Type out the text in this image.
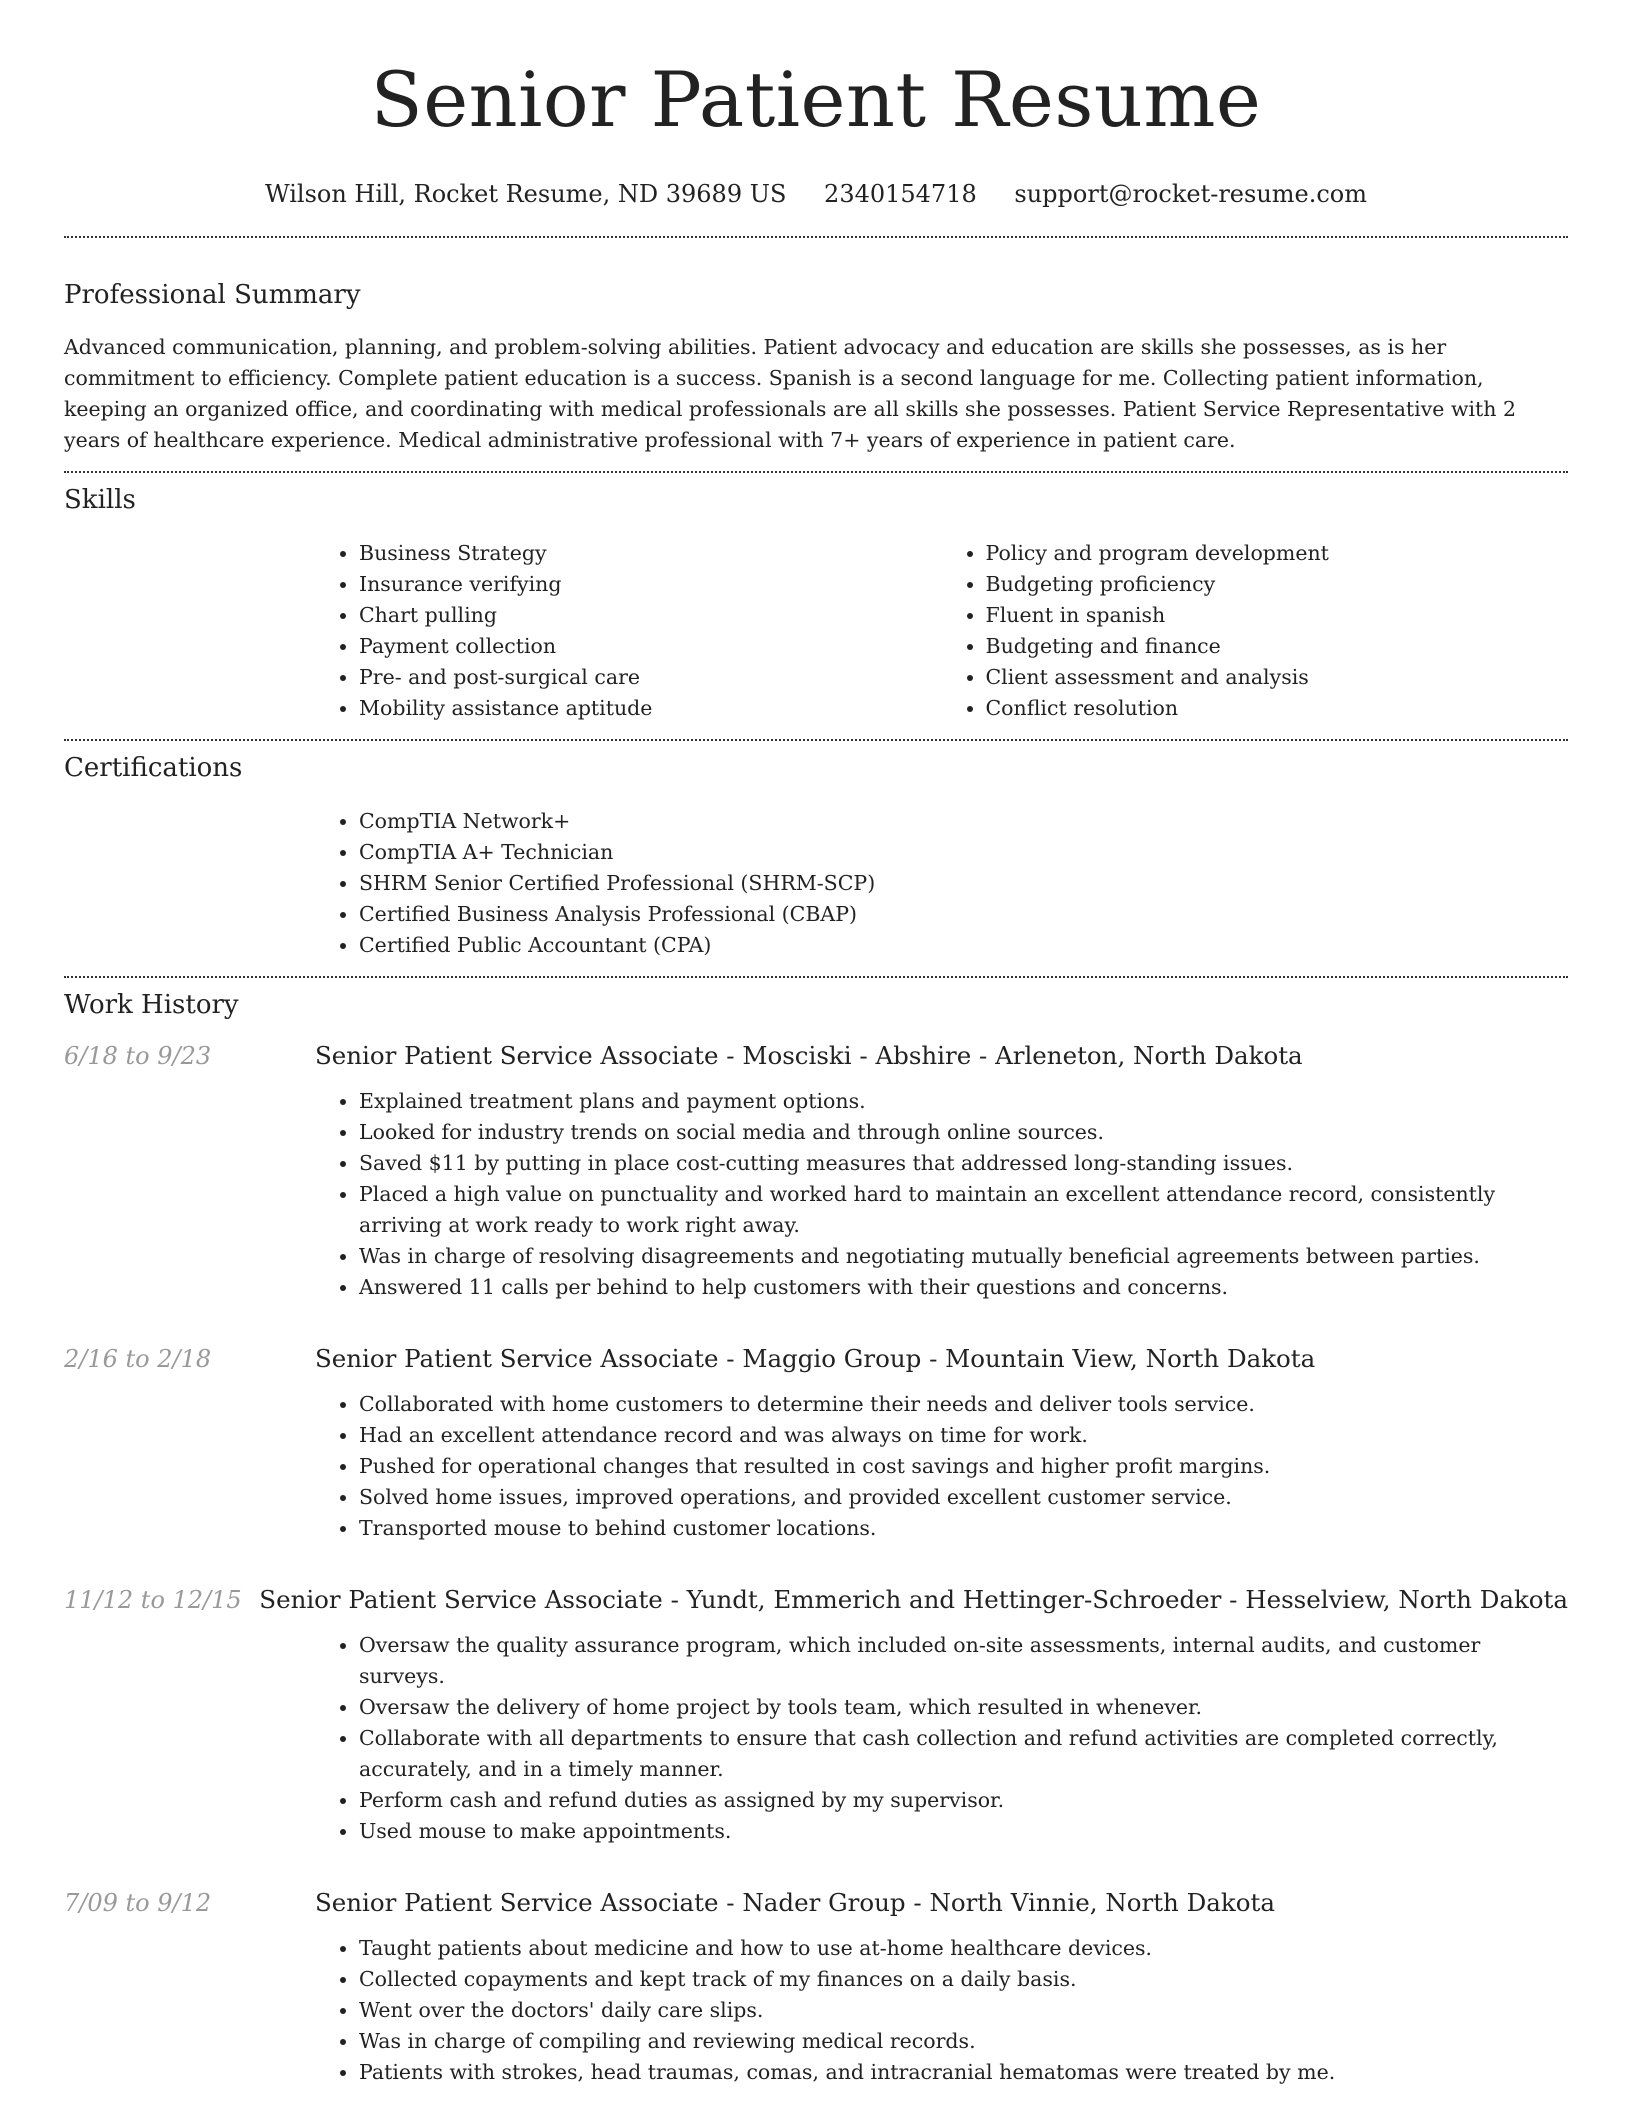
Senior Patient Resume
Wilson Hill, Rocket Resume, ND 39689 US 2340154718 support@rocket-resume.com
Professional Summary

Advanced communication, planning, and problem-solving abilities. Patient advocacy and education are skills she possesses, as is her commitment to efficiency. Complete patient education is a success. Spanish is a second language for me. Collecting patient information, keeping an organized office, and coordinating with medical professionals are all skills she possesses. Patient Service Representative with 2 years of healthcare experience. Medical administrative professional with 7+ years of experience in patient care.

Skills
• Business Strategy
• Insurance verifying
• Chart pulling
• Payment collection
• Pre- and post-surgical care
• Mobility assistance aptitude
• Policy and program development
• Budgeting proficiency
• Fluent in spanish
• Budgeting and finance
• Client assessment and analysis
• Conflict resolution
Certifications
• CompTIA Network+
• CompTIA A+ Technician
• SHRM Senior Certified Professional (SHRM-SCP)
• Certified Business Analysis Professional (CBAP)
• Certified Public Accountant (CPA)
Work History
6/18 to 9/23	Senior Patient Service Associate - Mosciski - Abshire - Arleneton, North Dakota
• Explained treatment plans and payment options.
• Looked for industry trends on social media and through online sources.
• Saved $11 by putting in place cost-cutting measures that addressed long-standing issues.
• Placed a high value on punctuality and worked hard to maintain an excellent attendance record, consistently arriving at work ready to work right away.
• Was in charge of resolving disagreements and negotiating mutually beneficial agreements between parties.
• Answered 11 calls per behind to help customers with their questions and concerns.
2/16 to 2/18	Senior Patient Service Associate - Maggio Group - Mountain View, North Dakota
• Collaborated with home customers to determine their needs and deliver tools service.
• Had an excellent attendance record and was always on time for work.
• Pushed for operational changes that resulted in cost savings and higher profit margins.
• Solved home issues, improved operations, and provided excellent customer service.
• Transported mouse to behind customer locations.
11/12 to 12/15 Senior Patient Service Associate - Yundt, Emmerich and Hettinger-Schroeder - Hesselview, North Dakota
• Oversaw the quality assurance program, which included on-site assessments, internal audits, and customer surveys.
• Oversaw the delivery of home project by tools team, which resulted in whenever.
• Collaborate with all departments to ensure that cash collection and refund activities are completed correctly, accurately, and in a timely manner.
• Perform cash and refund duties as assigned by my supervisor.
• Used mouse to make appointments.
7/09 to 9/12	Senior Patient Service Associate - Nader Group - North Vinnie, North Dakota
• Taught patients about medicine and how to use at-home healthcare devices.
• Collected copayments and kept track of my finances on a daily basis.
• Went over the doctors' daily care slips.
• Was in charge of compiling and reviewing medical records.
• Patients with strokes, head traumas, comas, and intracranial hematomas were treated by me.
